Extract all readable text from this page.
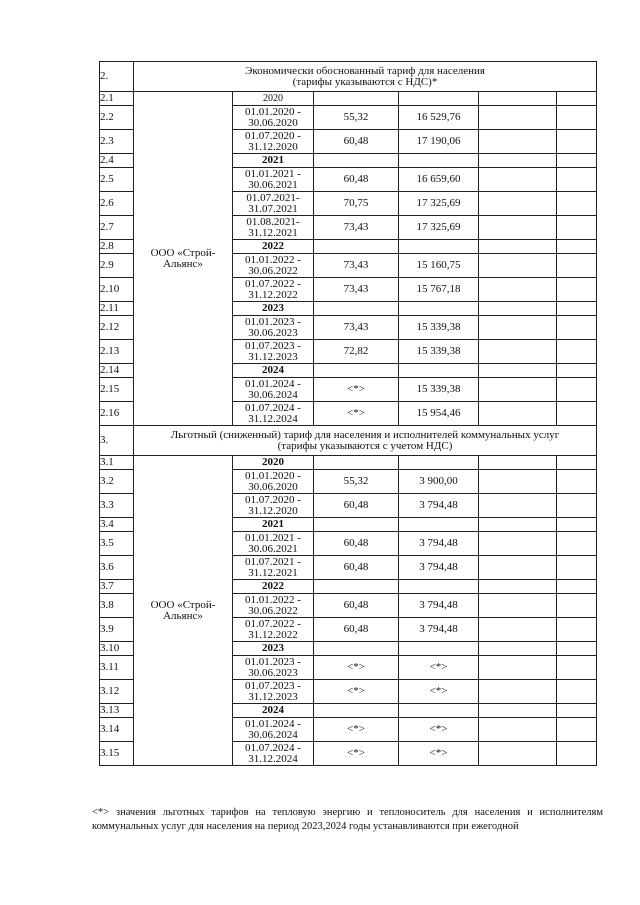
2.	Экономически обоснованный тариф для населения
(тарифы указываются с НДС)*					

2.1	ООО «Строй-
Альянс»	2020				
2.2		01.01.2020 -
30.06.2020	55,32	16 529,76		
2.3		01.07.2020 -
31.12.2020	60,48	17 190,06		
2.4		2021				
2.5		01.01.2021 -
30.06.2021	60,48	16 659,60		
2.6		01.07.2021-
31.07.2021	70,75	17 325,69		
2.7		01.08.2021-
31.12.2021	73,43	17 325,69		
2.8		2022				
2.9		01.01.2022 -
30.06.2022	73,43	15 160,75		
2.10		01.07.2022 -
31.12.2022	73,43	15 767,18		
2.11		2023				
2.12		01.01.2023 -
30.06.2023	73,43	15 339,38		
2.13		01.07.2023 -
31.12.2023	72,82	15 339,38		
2.14		2024				
2.15		01.01.2024 -
30.06.2024	<*>	15 339,38		
2.16		01.07.2024 -
31.12.2024	<*>	15 954,46		
3.	Льготный (сниженный) тариф для населения и исполнителей коммунальных услуг
(тарифы указываются с учетом НДС)					

3.1	ООО «Строй-
Альянс»	2020				
3.2		01.01.2020 -
30.06.2020	55,32	3 900,00		
3.3		01.07.2020 -
31.12.2020	60,48	3 794,48		
3.4		2021				
3.5		01.01.2021 -
30.06.2021	60,48	3 794,48		
3.6		01.07.2021 -
31.12.2021	60,48	3 794,48		
3.7		2022				
3.8		01.01.2022 -
30.06.2022	60,48	3 794,48		
3.9		01.07.2022 -
31.12.2022	60,48	3 794,48		
3.10		2023				
3.11		01.01.2023 -
30.06.2023	<*>	<*>		
3.12		01.07.2023 -
31.12.2023	<*>	<*>		
3.13		2024				
3.14		01.01.2024 -
30.06.2024	<*>	<*>		
3.15		01.07.2024 -
31.12.2024	<*>	<*>		
<*> значения льготных тарифов на тепловую энергию и теплоноситель для населения и исполнителям коммунальных услуг для населения на период 2023,2024 годы устанавливаются при ежегодной
